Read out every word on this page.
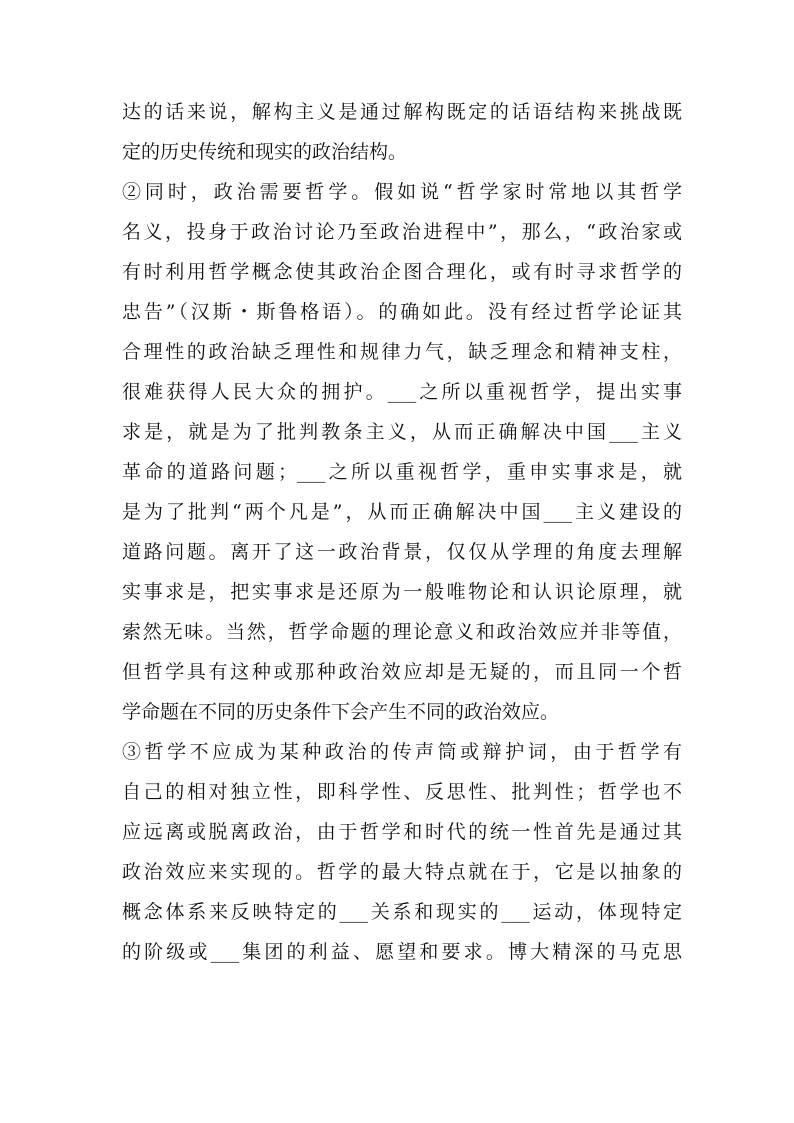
达的话来说，解构主义是通过解构既定的话语结构来挑战既
定的历史传统和现实的政治结构。
②同时，政治需要哲学。假如说“哲学家时常地以其哲学
名义，投身于政治讨论乃至政治进程中”，那么，“政治家或
有时利用哲学概念使其政治企图合理化，或有时寻求哲学的
忠告”（汉斯・斯鲁格语）。的确如此。没有经过哲学论证其
合理性的政治缺乏理性和规律力气，缺乏理念和精神支柱，
很难获得人民大众的拥护。___之所以重视哲学，提出实事
求是，就是为了批判教条主义，从而正确解决中国___主义
革命的道路问题；___之所以重视哲学，重申实事求是，就
是为了批判“两个凡是”，从而正确解决中国___主义建设的
道路问题。离开了这一政治背景，仅仅从学理的角度去理解
实事求是，把实事求是还原为一般唯物论和认识论原理，就
索然无味。当然，哲学命题的理论意义和政治效应并非等值，
但哲学具有这种或那种政治效应却是无疑的，而且同一个哲
学命题在不同的历史条件下会产生不同的政治效应。
③哲学不应成为某种政治的传声筒或辩护词，由于哲学有
自己的相对独立性，即科学性、反思性、批判性；哲学也不
应远离或脱离政治，由于哲学和时代的统一性首先是通过其
政治效应来实现的。哲学的最大特点就在于，它是以抽象的
概念体系来反映特定的___关系和现实的___运动，体现特定
的阶级或___集团的利益、愿望和要求。博大精深的马克思
